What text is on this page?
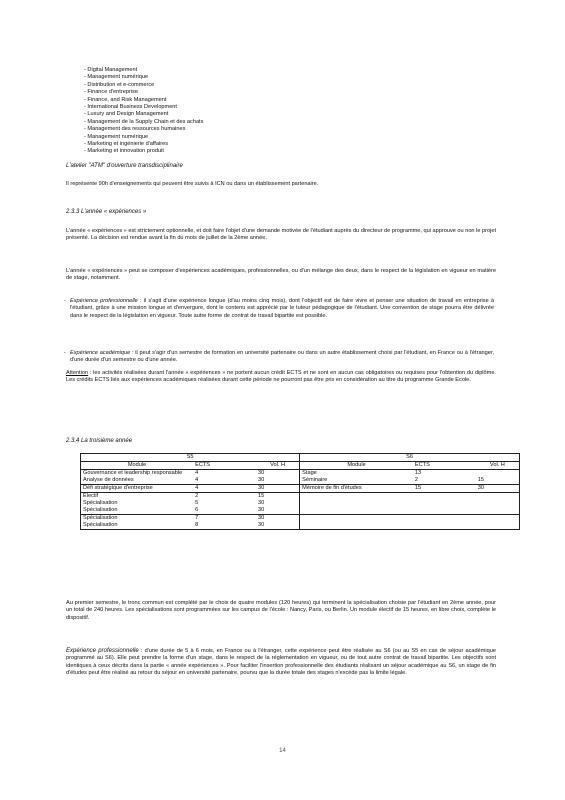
- Digital Management
- Management numérique
- Distribution et e-commerce
- Finance d'entreprise
- Finance, and Risk Management
- International Business Development
- Luxury and Design Management
- Management de la Supply Chain et des achats
- Management des ressources humaines
- Management numérique
- Marketing et ingénierie d'affaires
- Marketing et innovation produit
L'atelier "ATM" d'ouverture transdisciplinaire
Il représente 90h d'enseignements qui peuvent être suivis à ICN ou dans un établissement partenaire.
2.3.3 L'année « expériences »
L'année « expériences » est strictement optionnelle, et doit faire l'objet d'une demande motivée de l'étudiant auprès du directeur de programme, qui approuve ou non le projet présenté. La décision est rendue avant la fin du mois de juillet de la 2ème année.
L'année « expériences » peut se composer d'expériences académiques, professionnelles, ou d'un mélange des deux, dans le respect de la législation en vigueur en matière de stage, notamment.
- Expérience professionnelle : il s'agit d'une expérience longue (d'au moins cinq mois), dont l'objectif est de faire vivre et penser une situation de travail en entreprise à l'étudiant, grâce à une mission longue et d'envergure, dont le contenu est apprécié par le tuteur pédagogique de l'étudiant. Une convention de stage pourra être délivrée dans le respect de la législation en vigueur. Toute autre forme de contrat de travail bipartite est possible.
- Expérience académique : il peut s'agir d'un semestre de formation en université partenaire ou dans un autre établissement choisi par l'étudiant, en France ou à l'étranger, d'une durée d'un semestre ou d'une année.
Attention : les activités réalisées durant l'année « expériences » ne portent aucun crédit ECTS et ne sont en aucun cas obligatoires ou requises pour l'obtention du diplôme. Les crédits ECTS liés aux expériences académiques réalisées durant cette période ne pourront pas être pris en considération au titre du programme Grande Ecole.
2.3.4 La troisième année
S5			S6		
Module	ECTS	Vol. H	Module	ECTS	Vol. H
Gouvernance et leadership responsable	4	30	Stage	13	
Analyse de données	4	30	Séminaire	2	15
Défi stratégique d'entreprise	4	30	Mémoire de fin d'études	15	30
Electif	2	15			
Spécialisation	5	30			
Spécialisation	6	30			
Spécialisation	7	30			
Spécialisation	8	30			
Au premier semestre, le tronc commun est complété par le choix de quatre modules (120 heures) qui terminent la spécialisation choisie par l'étudiant en 2ème année, pour un total de 240 heures. Les spécialisations sont programmées sur les campus de l'école : Nancy, Paris, ou Berlin. Un module électif de 15 heures, en libre choix, complète le dispositif.
Expérience professionnelle : d'une durée de 5 à 6 mois, en France ou à l'étranger, cette expérience peut être réalisée au S6 (ou au S5 en cas de séjour académique programmé au S6). Elle peut prendre la forme d'un stage, dans le respect de la réglementation en vigueur, ou de tout autre contrat de travail bipartite. Les objectifs sont identiques à ceux décrits dans la partie « année expériences ». Pour faciliter l'insertion professionnelle des étudiants réalisant un séjour académique au S6, un stage de fin d'études peut être réalisé au retour du séjour en université partenaire, pourvu que la durée totale des stages n'excède pas la limite légale.
14
